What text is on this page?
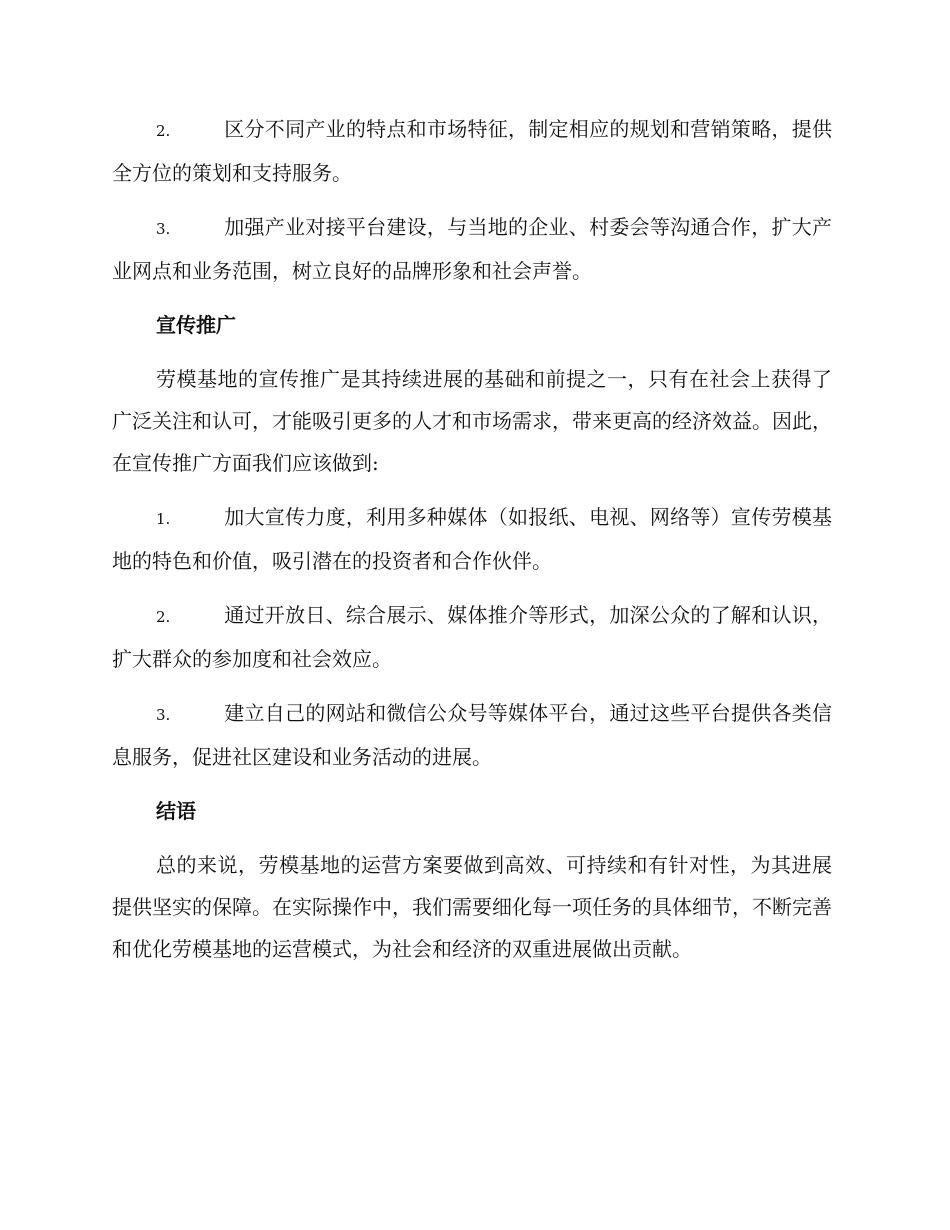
2.	区分不同产业的特点和市场特征，制定相应的规划和营销策略，提供全方位的策划和支持服务。

3.	加强产业对接平台建设，与当地的企业、村委会等沟通合作，扩大产业网点和业务范围，树立良好的品牌形象和社会声誉。

宣传推广

劳模基地的宣传推广是其持续进展的基础和前提之一，只有在社会上获得了广泛关注和认可，才能吸引更多的人才和市场需求，带来更高的经济效益。因此，在宣传推广方面我们应该做到:

1.	加大宣传力度，利用多种媒体（如报纸、电视、网络等）宣传劳模基地的特色和价值，吸引潜在的投资者和合作伙伴。

2.	通过开放日、综合展示、媒体推介等形式，加深公众的了解和认识，扩大群众的参加度和社会效应。

3.	建立自己的网站和微信公众号等媒体平台，通过这些平台提供各类信息服务，促进社区建设和业务活动的进展。

结语

总的来说，劳模基地的运营方案要做到高效、可持续和有针对性，为其进展提供坚实的保障。在实际操作中，我们需要细化每一项任务的具体细节，不断完善和优化劳模基地的运营模式，为社会和经济的双重进展做出贡献。
